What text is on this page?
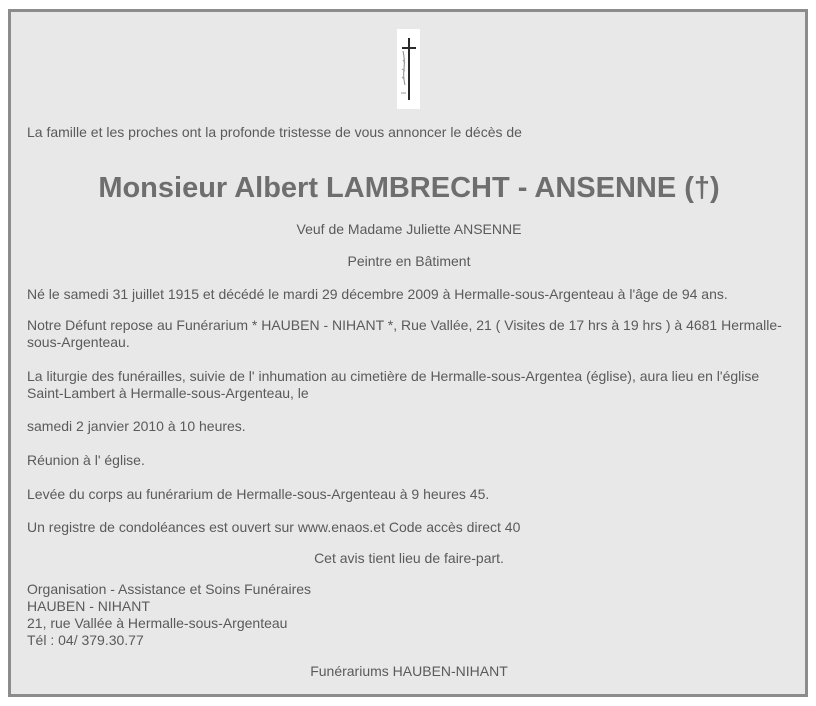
La famille et les proches ont la profonde tristesse de vous annoncer le décès de

Monsieur Albert LAMBRECHT - ANSENNE (†)

Veuf de Madame Juliette ANSENNE

Peintre en Bâtiment

Né le samedi 31 juillet 1915 et décédé le mardi 29 décembre 2009 à Hermalle-sous-Argenteau à l'âge de 94 ans.

Notre Défunt repose au Funérarium * HAUBEN - NIHANT *, Rue Vallée, 21 ( Visites de 17 hrs à 19 hrs ) à 4681 Hermalle-sous-Argenteau.

La liturgie des funérailles, suivie de l' inhumation au cimetière de Hermalle-sous-Argentea (église), aura lieu en l'église Saint-Lambert à Hermalle-sous-Argenteau, le

samedi 2 janvier 2010 à 10 heures.

Réunion à l' église.

Levée du corps au funérarium de Hermalle-sous-Argenteau à 9 heures 45.

Un registre de condoléances est ouvert sur www.enaos.et Code accès direct 40

Cet avis tient lieu de faire-part.

Organisation - Assistance et Soins Funéraires
HAUBEN - NIHANT
21, rue Vallée à Hermalle-sous-Argenteau
Tél : 04/ 379.30.77

Funérariums HAUBEN-NIHANT
